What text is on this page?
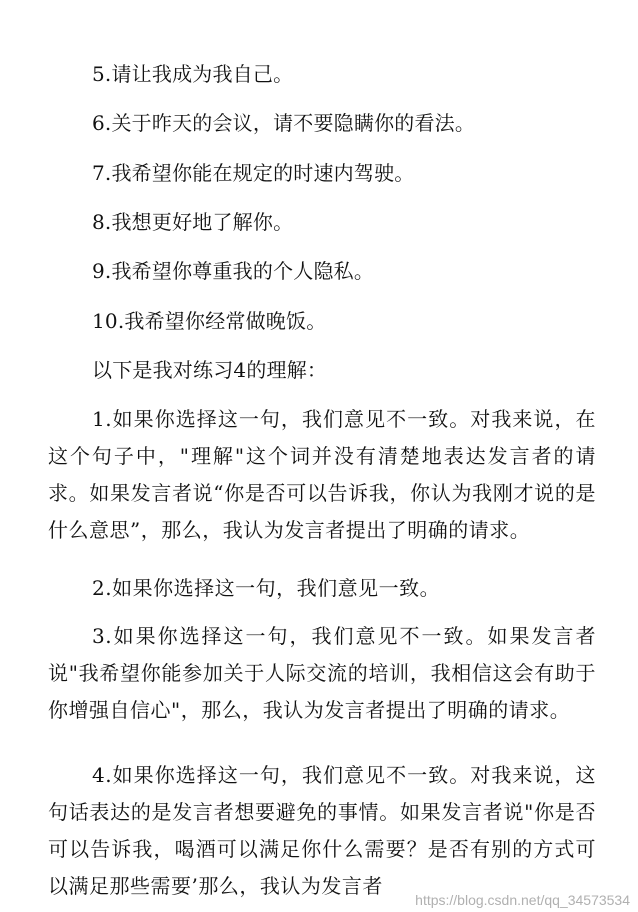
5.请让我成为我自己。
6.关于昨天的会议，请不要隐瞒你的看法。
7.我希望你能在规定的时速内驾驶。
8.我想更好地了解你。
9.我希望你尊重我的个人隐私。
10.我希望你经常做晚饭。
以下是我对练习4的理解：
1.如果你选择这一句，我们意见不一致。对我来说，在这个句子中，"理解"这个词并没有清楚地表达发言者的请求。如果发言者说“你是否可以告诉我，你认为我刚才说的是什么意思”，那么，我认为发言者提出了明确的请求。
2.如果你选择这一句，我们意见一致。
3.如果你选择这一句，我们意见不一致。如果发言者说"我希望你能参加关于人际交流的培训，我相信这会有助于你增强自信心"，那么，我认为发言者提出了明确的请求。
4.如果你选择这一句，我们意见不一致。对我来说，这句话表达的是发言者想要避免的事情。如果发言者说"你是否可以告诉我，喝酒可以满足你什么需要？是否有别的方式可以满足那些需要’那么，我认为发言者
https://blog.csdn.net/qq_34573534
